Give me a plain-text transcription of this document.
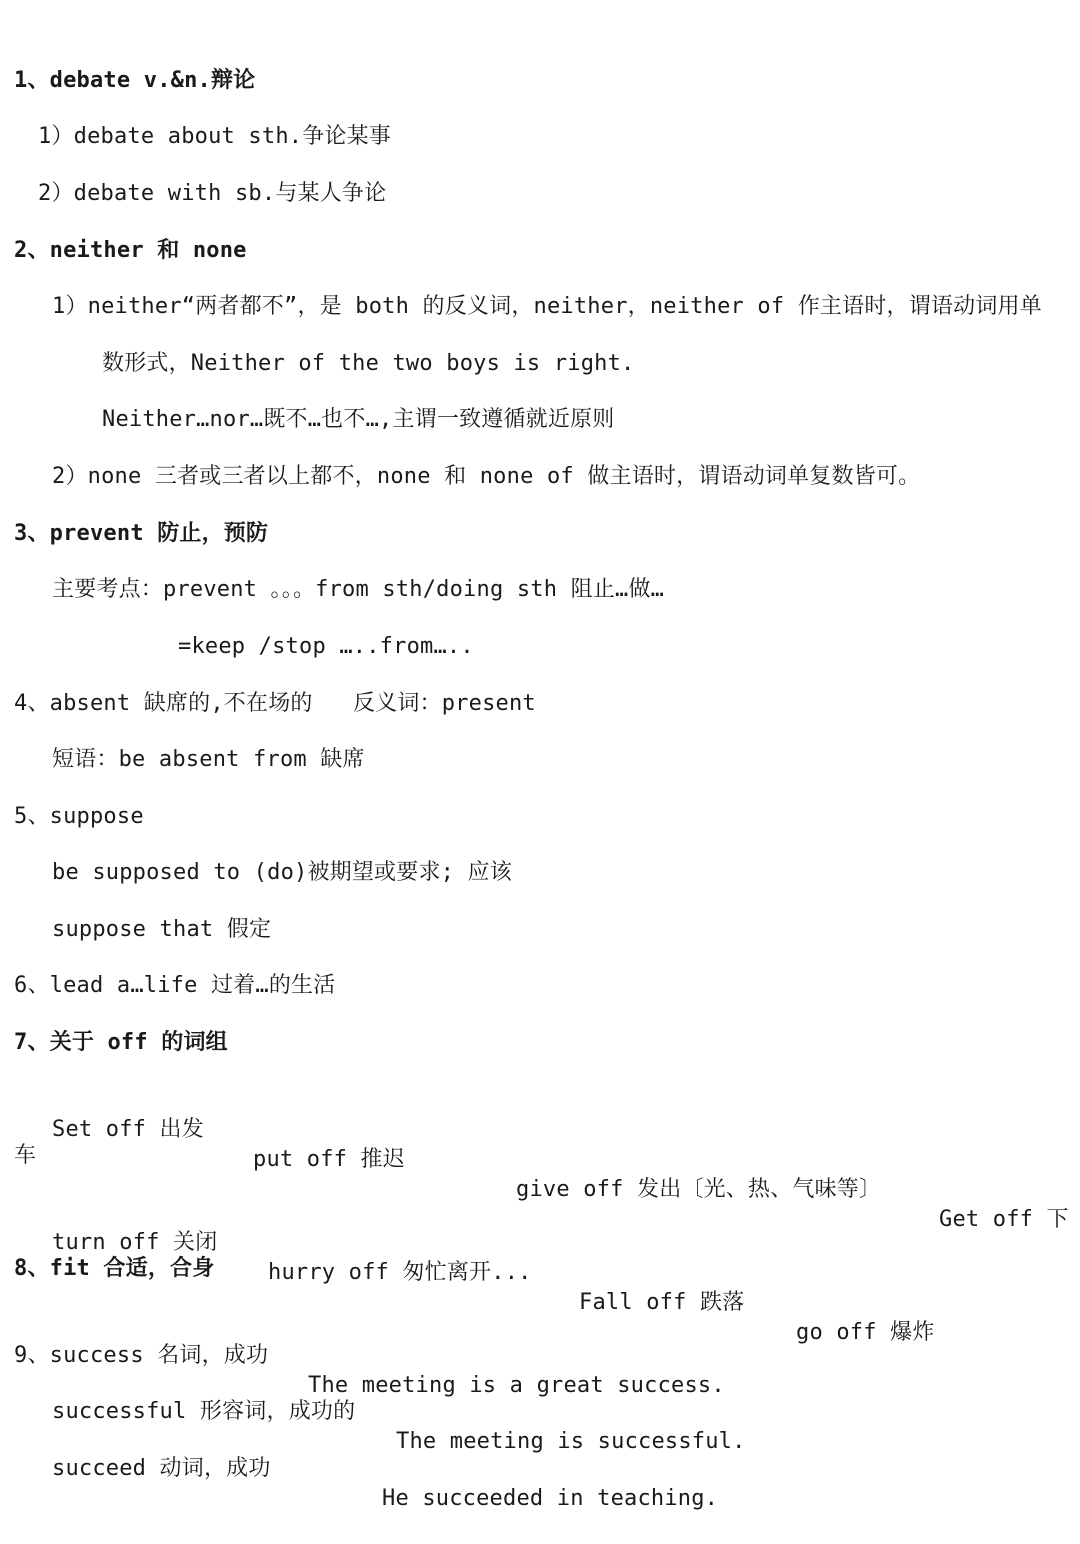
1、debate v.&n.辩论
1）debate about sth.争论某事
2）debate with sb.与某人争论
2、neither 和 none
1）neither“两者都不”，是 both 的反义词，neither，neither of 作主语时，谓语动词用单
数形式，Neither of the two boys is right.
Neither…nor…既不…也不…,主谓一致遵循就近原则
2）none 三者或三者以上都不，none 和 none of 做主语时，谓语动词单复数皆可。
3、prevent 防止，预防
主要考点：prevent 。。。from sth/doing sth 阻止…做…
=keep /stop …..from…..
4、absent 缺席的,不在场的   反义词：present
短语：be absent from 缺席
5、suppose
be supposed to (do)被期望或要求; 应该
suppose that 假定
6、lead a…life 过着…的生活
7、关于 off 的词组

Set off 出发

put off 推迟

give off 发出〔光、热、气味等〕

Get off 下

车

turn off 关闭

hurry off 匆忙离开...

Fall off 跌落

go off 爆炸

8、fit 合适，合身

9、success 名词，成功

The meeting is a great success.

successful 形容词，成功的

The meeting is successful.

succeed 动词，成功

He succeeded in teaching.
